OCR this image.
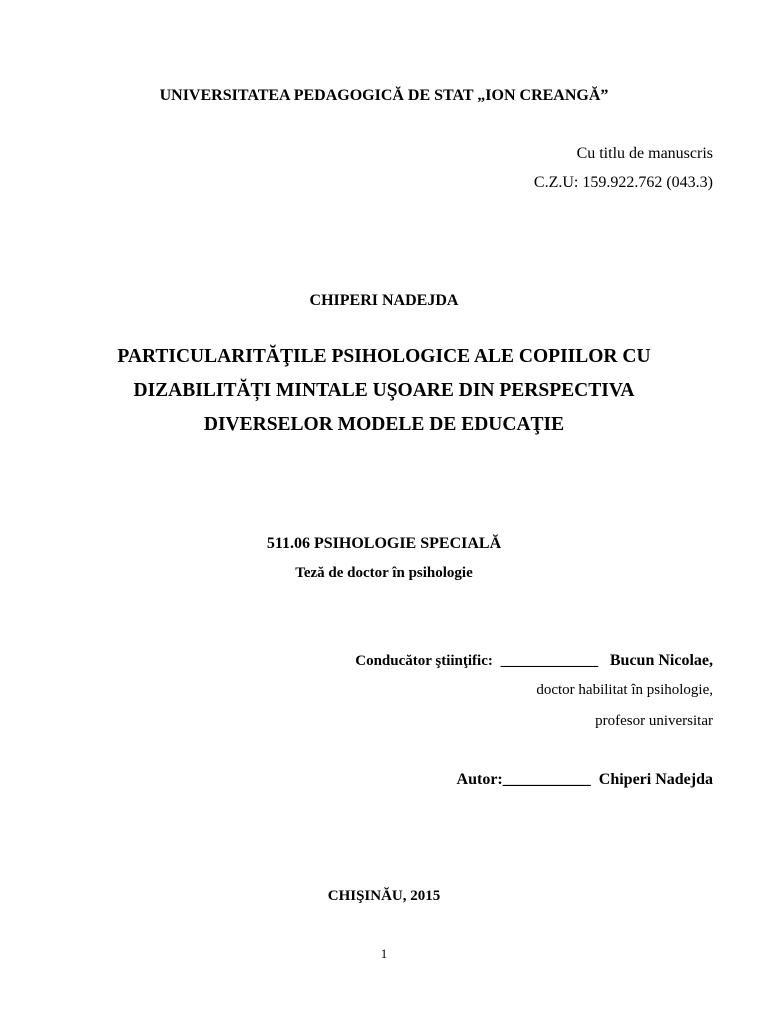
UNIVERSITATEA PEDAGOGICĂ DE STAT „ION CREANGĂ”
Cu titlu de manuscris
C.Z.U: 159.922.762 (043.3)
CHIPERI NADEJDA
PARTICULARITĂŢILE PSIHOLOGICE ALE COPIILOR CU
DIZABILITĂȚI MINTALE UŞOARE DIN PERSPECTIVA
DIVERSELOR MODELE DE EDUCAŢIE
511.06 PSIHOLOGIE SPECIALĂ
Teză de doctor în psihologie
Conducător ştiinţific: _____________ Bucun Nicolae,
doctor habilitat în psihologie,
profesor universitar
Autor:___________ Chiperi Nadejda
CHIŞINĂU, 2015
1
